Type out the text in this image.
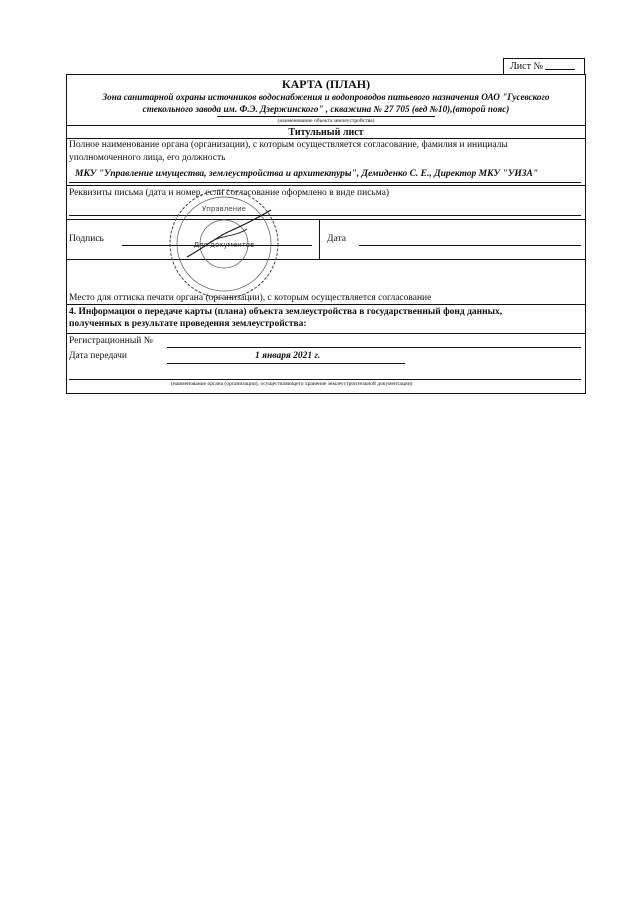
Лист №
КАРТА (ПЛАН)
Зона санитарной охраны источников водоснабжения и водопроводов питьевого назначения ОАО "Гусевского
стекольного завода им. Ф.Э. Дзержинского" , скважина № 27 705 (вед №10),(второй пояс)
(наименование объекта землеустройства)
Титульный лист
Полное наименование органа (организации), с которым осуществляется согласование, фамилия и инициалы
уполномоченного лица, его должность
МКУ "Управление имущества, землеустройства и архитектуры", Демиденко С. Е., Директор МКУ "УИЗА"
Реквизиты письма (дата и номер, если согласование оформлено в виде письма)
Подпись	Дата
Место для оттиска печати органа (организации), с которым осуществляется согласование
4. Информация о передаче карты (плана) объекта землеустройства в государственный фонд данных,
полученных в результате проведения землеустройства:
Регистрационный №
Дата передачи	1 января 2021 г.
(наименование органа (организации), осуществляющего хранение землеустроительной документации)
Управление
Для документов
